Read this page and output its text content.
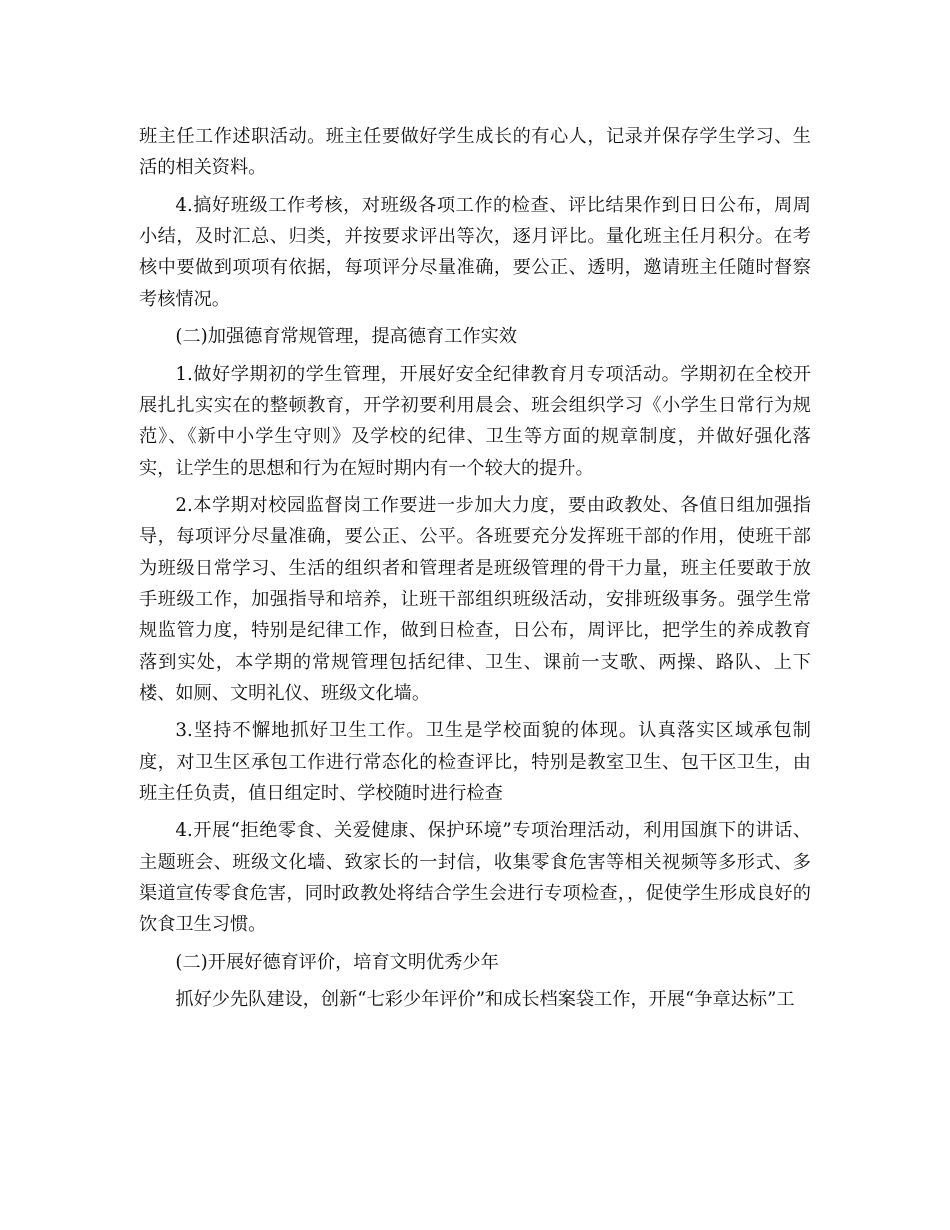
班主任工作述职活动。班主任要做好学生成长的有心人，记录并保存学生学习、生活的相关资料。

4.搞好班级工作考核，对班级各项工作的检查、评比结果作到日日公布，周周小结，及时汇总、归类，并按要求评出等次，逐月评比。量化班主任月积分。在考核中要做到项项有依据，每项评分尽量准确，要公正、透明，邀请班主任随时督察考核情况。

(二)加强德育常规管理，提高德育工作实效

1.做好学期初的学生管理，开展好安全纪律教育月专项活动。学期初在全校开展扎扎实实在的整顿教育，开学初要利用晨会、班会组织学习《小学生日常行为规范》、《新中小学生守则》及学校的纪律、卫生等方面的规章制度，并做好强化落实，让学生的思想和行为在短时期内有一个较大的提升。

2.本学期对校园监督岗工作要进一步加大力度，要由政教处、各值日组加强指导，每项评分尽量准确，要公正、公平。各班要充分发挥班干部的作用，使班干部为班级日常学习、生活的组织者和管理者是班级管理的骨干力量，班主任要敢于放手班级工作，加强指导和培养，让班干部组织班级活动，安排班级事务。强学生常规监管力度，特别是纪律工作，做到日检查，日公布，周评比，把学生的养成教育落到实处，本学期的常规管理包括纪律、卫生、课前一支歌、两操、路队、上下楼、如厕、文明礼仪、班级文化墙。

3.坚持不懈地抓好卫生工作。卫生是学校面貌的体现。认真落实区域承包制度，对卫生区承包工作进行常态化的检查评比，特别是教室卫生、包干区卫生，由班主任负责，值日组定时、学校随时进行检查

4.开展“拒绝零食、关爱健康、保护环境”专项治理活动，利用国旗下的讲话、主题班会、班级文化墙、致家长的一封信，收集零食危害等相关视频等多形式、多渠道宣传零食危害，同时政教处将结合学生会进行专项检查，，促使学生形成良好的饮食卫生习惯。

(二)开展好德育评价，培育文明优秀少年

抓好少先队建设，创新“七彩少年评价”和成长档案袋工作，开展“争章达标”工
